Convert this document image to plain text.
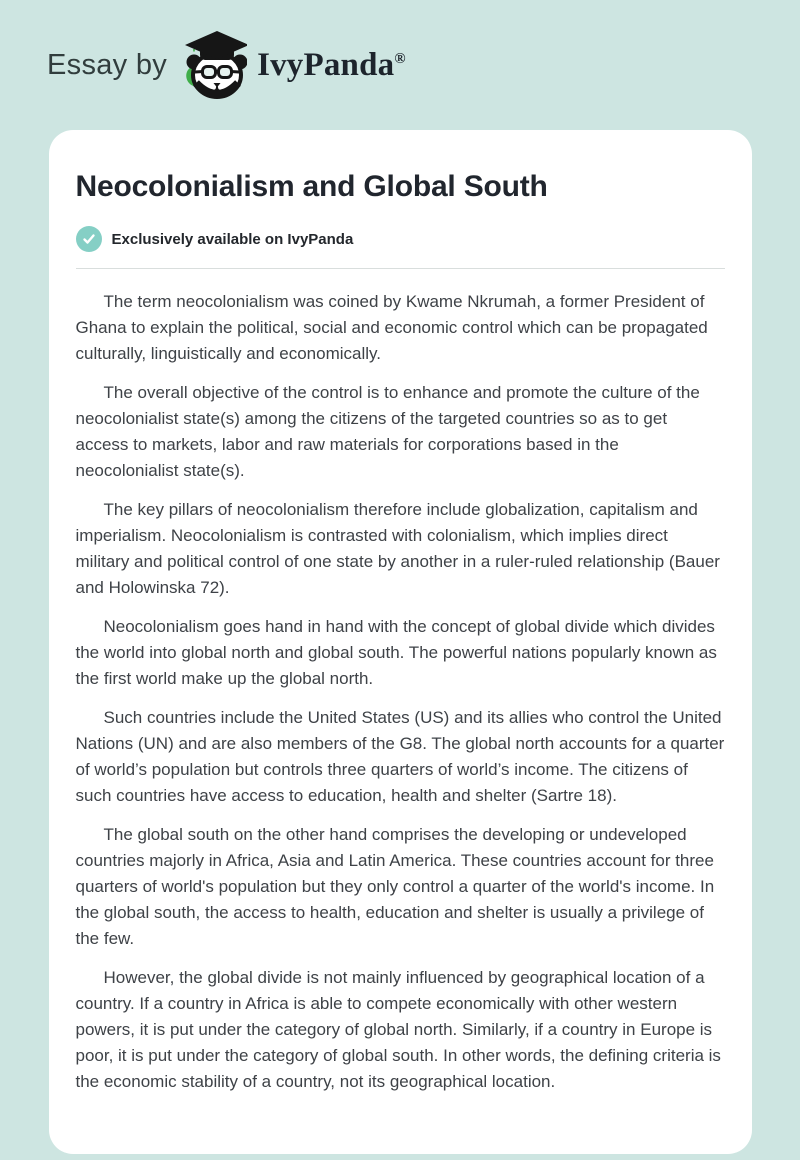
Essay by	IvyPanda®
Neocolonialism and Global South
Exclusively available on IvyPanda

The term neocolonialism was coined by Kwame Nkrumah, a former President of Ghana to explain the political, social and economic control which can be propagated culturally, linguistically and economically.

The overall objective of the control is to enhance and promote the culture of the neocolonialist state(s) among the citizens of the targeted countries so as to get access to markets, labor and raw materials for corporations based in the neocolonialist state(s).

The key pillars of neocolonialism therefore include globalization, capitalism and imperialism. Neocolonialism is contrasted with colonialism, which implies direct military and political control of one state by another in a ruler-ruled relationship (Bauer and Holowinska 72).

Neocolonialism goes hand in hand with the concept of global divide which divides the world into global north and global south. The powerful nations popularly known as the first world make up the global north.

Such countries include the United States (US) and its allies who control the United Nations (UN) and are also members of the G8. The global north accounts for a quarter of world’s population but controls three quarters of world’s income. The citizens of such countries have access to education, health and shelter (Sartre 18).

The global south on the other hand comprises the developing or undeveloped countries majorly in Africa, Asia and Latin America. These countries account for three quarters of world's population but they only control a quarter of the world's income. In the global south, the access to health, education and shelter is usually a privilege of the few.

However, the global divide is not mainly influenced by geographical location of a country. If a country in Africa is able to compete economically with other western powers, it is put under the category of global north. Similarly, if a country in Europe is poor, it is put under the category of global south. In other words, the defining criteria is the economic stability of a country, not its geographical location.
